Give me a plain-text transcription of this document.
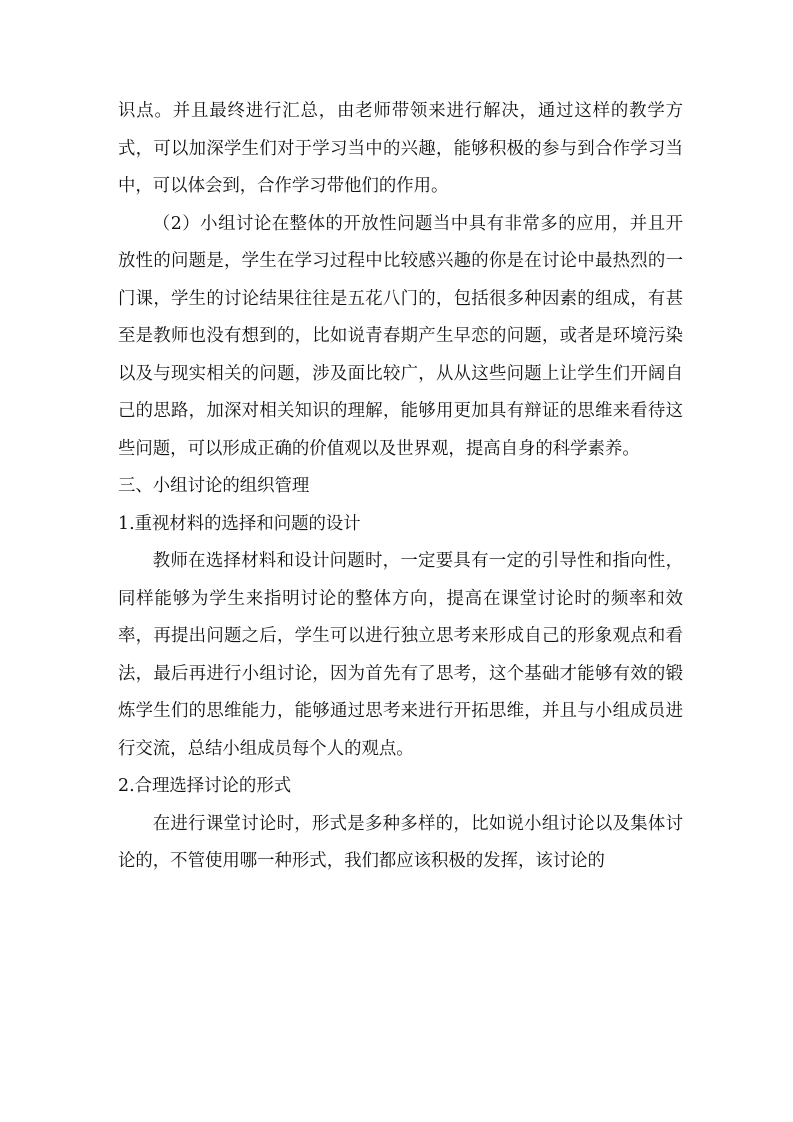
识点。并且最终进行汇总，由老师带领来进行解决，通过这样的教学方式，可以加深学生们对于学习当中的兴趣，能够积极的参与到合作学习当中，可以体会到，合作学习带他们的作用。

（2）小组讨论在整体的开放性问题当中具有非常多的应用，并且开放性的问题是，学生在学习过程中比较感兴趣的你是在讨论中最热烈的一门课，学生的讨论结果往往是五花八门的，包括很多种因素的组成，有甚至是教师也没有想到的，比如说青春期产生早恋的问题，或者是环境污染以及与现实相关的问题，涉及面比较广，从从这些问题上让学生们开阔自己的思路，加深对相关知识的理解，能够用更加具有辩证的思维来看待这些问题，可以形成正确的价值观以及世界观，提高自身的科学素养。

三、小组讨论的组织管理

1.重视材料的选择和问题的设计

教师在选择材料和设计问题时，一定要具有一定的引导性和指向性，同样能够为学生来指明讨论的整体方向，提高在课堂讨论时的频率和效率，再提出问题之后，学生可以进行独立思考来形成自己的形象观点和看法，最后再进行小组讨论，因为首先有了思考，这个基础才能够有效的锻炼学生们的思维能力，能够通过思考来进行开拓思维，并且与小组成员进行交流，总结小组成员每个人的观点。

2.合理选择讨论的形式

在进行课堂讨论时，形式是多种多样的，比如说小组讨论以及集体讨论的，不管使用哪一种形式，我们都应该积极的发挥，该讨论的
